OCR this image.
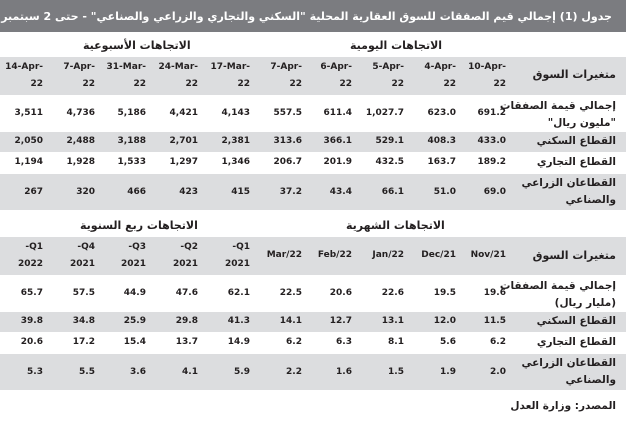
جدول (1) إجمالي قيم الصفقات للسوق العقارية المحلية "السكني والتجاري والزراعي والصناعي" - حتى 2 سبتمبر 2021
الاتجاهات اليومية
الاتجاهات الأسبوعية
متغيرات السوق
10-Apr-
22
4-Apr-
22
5-Apr-
22
6-Apr-
22
7-Apr-
22
17-Mar-
22
24-Mar-
22
31-Mar-
22
7-Apr-
22
14-Apr-
22
إجمالي قيمة الصفقات
"مليون ريال"
691.2
623.0
1,027.7
611.4
557.5
4,143
4,421
5,186
4,736
3,511
القطاع السكني
433.0
408.3
529.1
366.1
313.6
2,381
2,701
3,188
2,488
2,050
القطاع التجاري
189.2
163.7
432.5
201.9
206.7
1,346
1,297
1,533
1,928
1,194
القطاعان الزراعي
والصناعي
69.0
51.0
66.1
43.4
37.2
415
423
466
320
267
الاتجاهات الشهرية
الاتجاهات ربع السنوية
متغيرات السوق
Nov/21
Dec/21
Jan/22
Feb/22
Mar/22
-Q1
2021
-Q2
2021
-Q3
2021
-Q4
2021
-Q1
2022
إجمالي قيمة الصفقات
(مليار ريال)
19.6
19.5
22.6
20.6
22.5
62.1
47.6
44.9
57.5
65.7
القطاع السكني
11.5
12.0
13.1
12.7
14.1
41.3
29.8
25.9
34.8
39.8
القطاع التجاري
6.2
5.6
8.1
6.3
6.2
14.9
13.7
15.4
17.2
20.6
القطاعان الزراعي
والصناعي
2.0
1.9
1.5
1.6
2.2
5.9
4.1
3.6
5.5
5.3
المصدر: وزارة العدل
